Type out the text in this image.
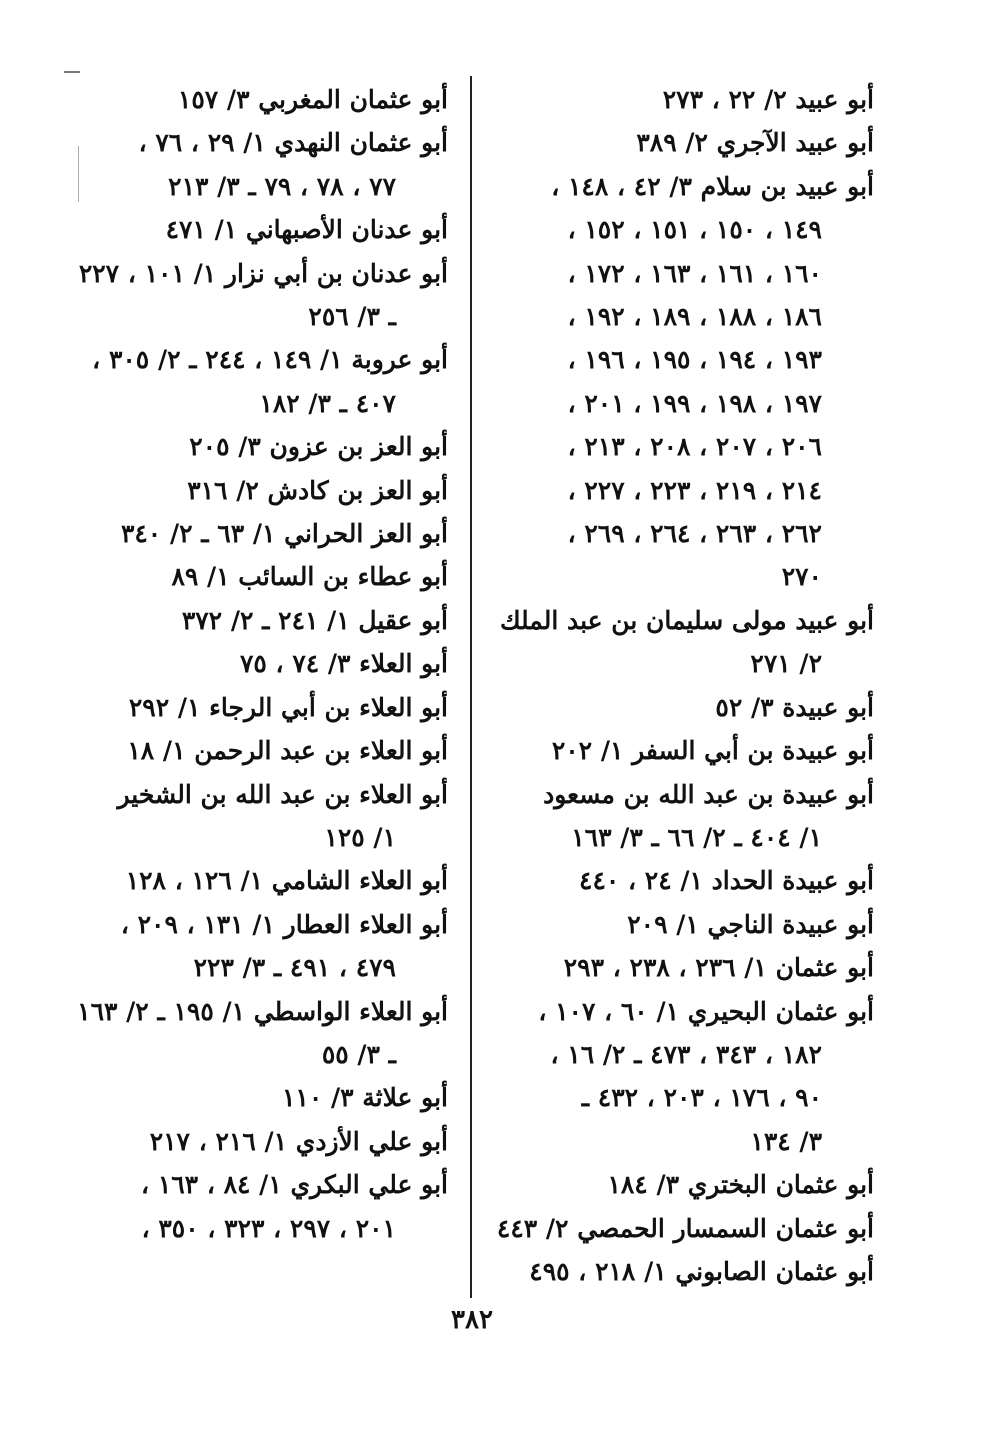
أبو عبيد ٢/ ٢٢ ، ٢٧٣
أبو عبيد الآجري ٢/ ٣٨٩
أبو عبيد بن سلام ٣/ ٤٢ ، ١٤٨ ،
١٤٩ ، ١٥٠ ، ١٥١ ، ١٥٢ ،
١٦٠ ، ١٦١ ، ١٦٣ ، ١٧٢ ،
١٨٦ ، ١٨٨ ، ١٨٩ ، ١٩٢ ،
١٩٣ ، ١٩٤ ، ١٩٥ ، ١٩٦ ،
١٩٧ ، ١٩٨ ، ١٩٩ ، ٢٠١ ،
٢٠٦ ، ٢٠٧ ، ٢٠٨ ، ٢١٣ ،
٢١٤ ، ٢١٩ ، ٢٢٣ ، ٢٢٧ ،
٢٦٢ ، ٢٦٣ ، ٢٦٤ ، ٢٦٩ ،
٢٧٠
أبو عبيد مولى سليمان بن عبد الملك
٢/ ٢٧١
أبو عبيدة ٣/ ٥٢
أبو عبيدة بن أبي السفر ١/ ٢٠٢
أبو عبيدة بن عبد الله بن مسعود
١/ ٤٠٤ ـ ٢/ ٦٦ ـ ٣/ ١٦٣
أبو عبيدة الحداد ١/ ٢٤ ، ٤٤٠
أبو عبيدة الناجي ١/ ٢٠٩
أبو عثمان ١/ ٢٣٦ ، ٢٣٨ ، ٢٩٣
أبو عثمان البحيري ١/ ٦٠ ، ١٠٧ ،
١٨٢ ، ٣٤٣ ، ٤٧٣ ـ ٢/ ١٦ ،
٩٠ ، ١٧٦ ، ٢٠٣ ، ٤٣٢ ـ
٣/ ١٣٤
أبو عثمان البختري ٣/ ١٨٤
أبو عثمان السمسار الحمصي ٢/ ٤٤٣
أبو عثمان الصابوني ١/ ٢١٨ ، ٤٩٥
أبو عثمان المغربي ٣/ ١٥٧
أبو عثمان النهدي ١/ ٢٩ ، ٧٦ ،
٧٧ ، ٧٨ ، ٧٩ ـ ٣/ ٢١٣
أبو عدنان الأصبهاني ١/ ٤٧١
أبو عدنان بن أبي نزار ١/ ١٠١ ، ٢٢٧
ـ ٣/ ٢٥٦
أبو عروبة ١/ ١٤٩ ، ٢٤٤ ـ ٢/ ٣٠٥ ،
٤٠٧ ـ ٣/ ١٨٢
أبو العز بن عزون ٣/ ٢٠٥
أبو العز بن كادش ٢/ ٣١٦
أبو العز الحراني ١/ ٦٣ ـ ٢/ ٣٤٠
أبو عطاء بن السائب ١/ ٨٩
أبو عقيل ١/ ٢٤١ ـ ٢/ ٣٧٢
أبو العلاء ٣/ ٧٤ ، ٧٥
أبو العلاء بن أبي الرجاء ١/ ٢٩٢
أبو العلاء بن عبد الرحمن ١/ ١٨
أبو العلاء بن عبد الله بن الشخير
١/ ١٢٥
أبو العلاء الشامي ١/ ١٢٦ ، ١٢٨
أبو العلاء العطار ١/ ١٣١ ، ٢٠٩ ،
٤٧٩ ، ٤٩١ ـ ٣/ ٢٢٣
أبو العلاء الواسطي ١/ ١٩٥ ـ ٢/ ١٦٣
ـ ٣/ ٥٥
أبو علاثة ٣/ ١١٠
أبو علي الأزدي ١/ ٢١٦ ، ٢١٧
أبو علي البكري ١/ ٨٤ ، ١٦٣ ،
٢٠١ ، ٢٩٧ ، ٣٢٣ ، ٣٥٠ ،
٣٨٢
